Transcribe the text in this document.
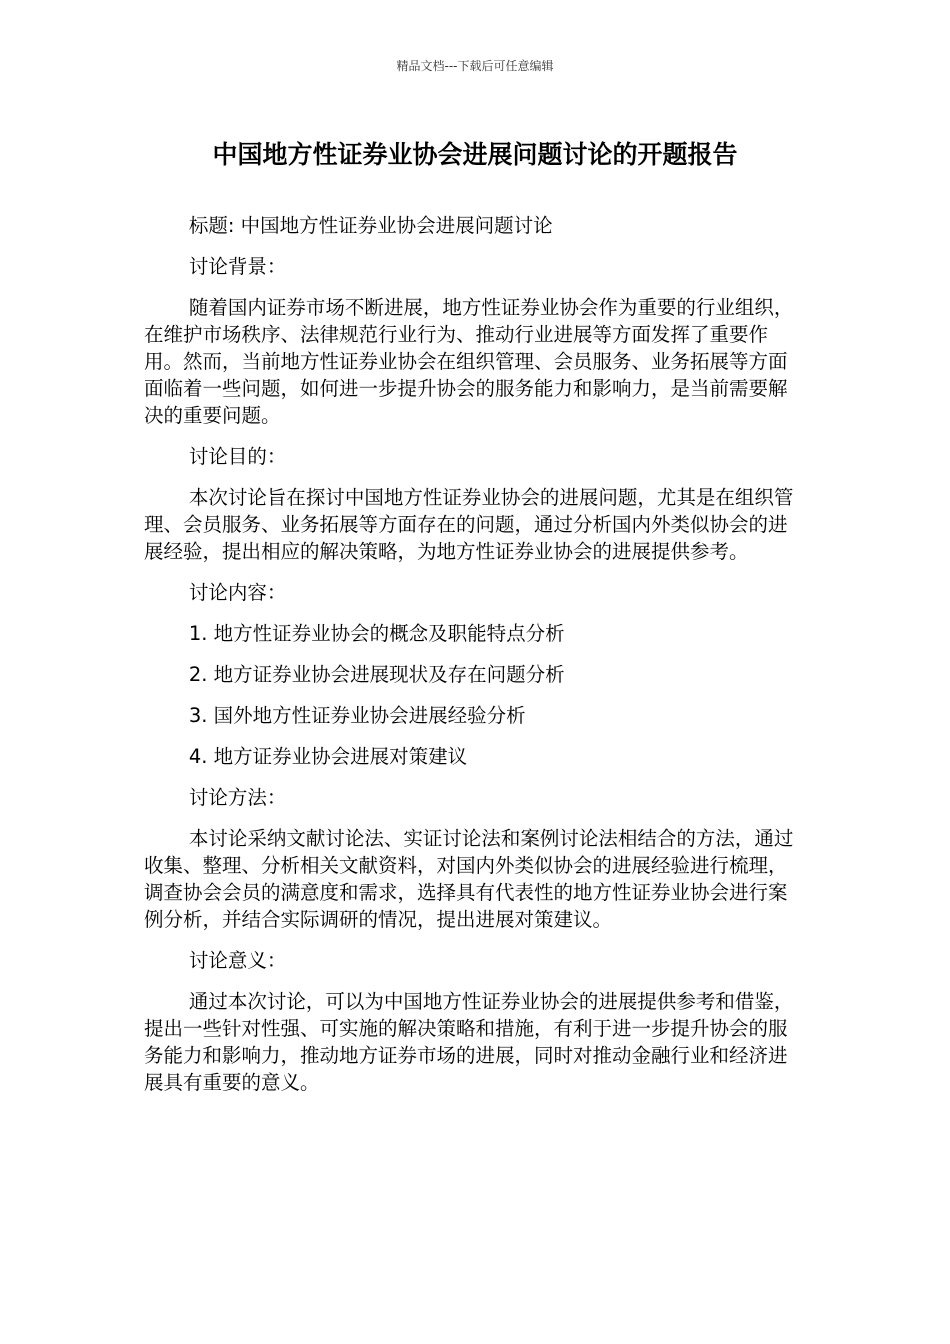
精品文档---下载后可任意编辑
中国地方性证券业协会进展问题讨论的开题报告

标题: 中国地方性证券业协会进展问题讨论

讨论背景：

随着国内证券市场不断进展，地方性证券业协会作为重要的行业组织，在维护市场秩序、法律规范行业行为、推动行业进展等方面发挥了重要作用。然而，当前地方性证券业协会在组织管理、会员服务、业务拓展等方面面临着一些问题，如何进一步提升协会的服务能力和影响力，是当前需要解决的重要问题。

讨论目的：

本次讨论旨在探讨中国地方性证券业协会的进展问题，尤其是在组织管理、会员服务、业务拓展等方面存在的问题，通过分析国内外类似协会的进展经验，提出相应的解决策略，为地方性证券业协会的进展提供参考。

讨论内容：

1. 地方性证券业协会的概念及职能特点分析

2. 地方证券业协会进展现状及存在问题分析

3. 国外地方性证券业协会进展经验分析

4. 地方证券业协会进展对策建议

讨论方法：

本讨论采纳文献讨论法、实证讨论法和案例讨论法相结合的方法，通过收集、整理、分析相关文献资料，对国内外类似协会的进展经验进行梳理，调查协会会员的满意度和需求，选择具有代表性的地方性证券业协会进行案例分析，并结合实际调研的情况，提出进展对策建议。

讨论意义：

通过本次讨论，可以为中国地方性证券业协会的进展提供参考和借鉴，提出一些针对性强、可实施的解决策略和措施，有利于进一步提升协会的服务能力和影响力，推动地方证券市场的进展，同时对推动金融行业和经济进展具有重要的意义。
